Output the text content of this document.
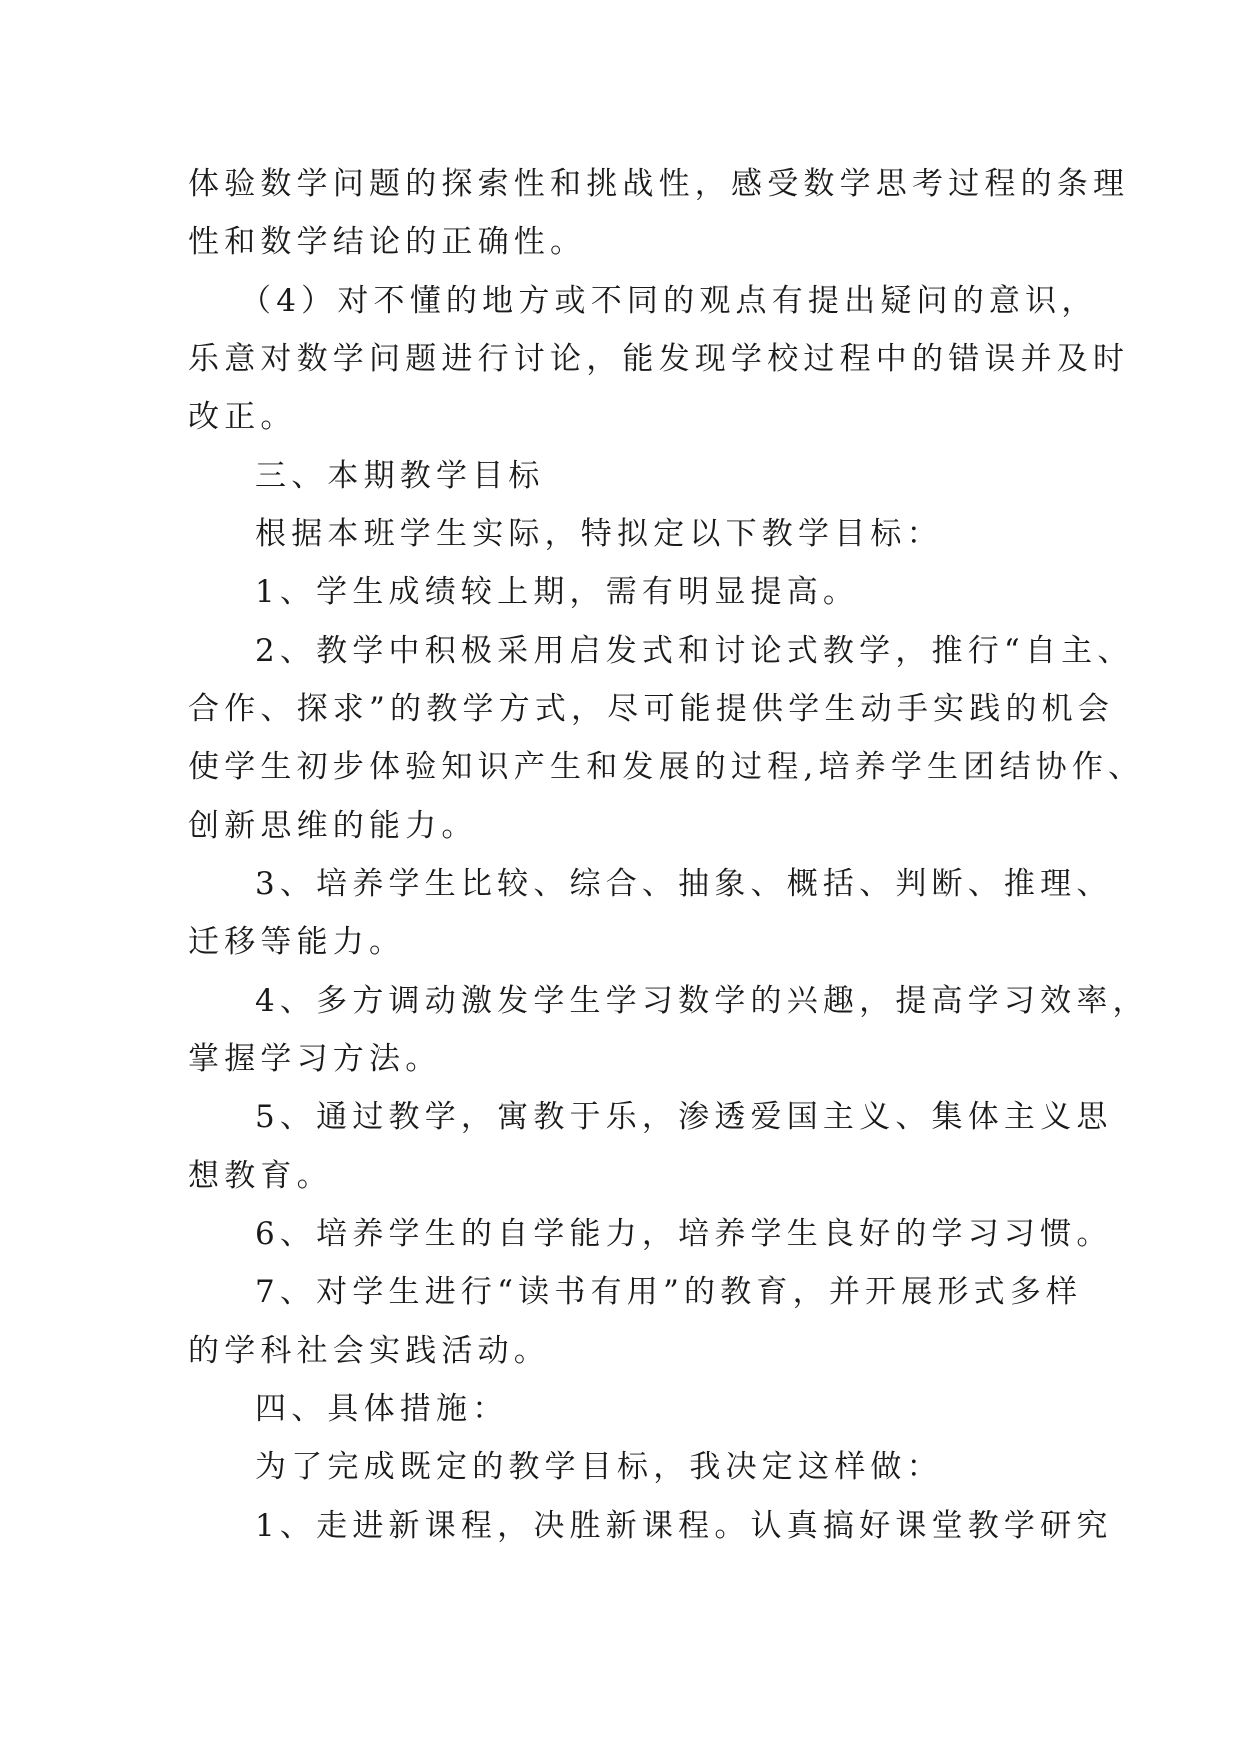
体验数学问题的探索性和挑战性，感受数学思考过程的条理

性和数学结论的正确性。

（4）对不懂的地方或不同的观点有提出疑问的意识，

乐意对数学问题进行讨论，能发现学校过程中的错误并及时

改正。

三、本期教学目标

根据本班学生实际，特拟定以下教学目标：

1、学生成绩较上期，需有明显提高。

2、教学中积极采用启发式和讨论式教学，推行“自主、

合作、探求”的教学方式，尽可能提供学生动手实践的机会

使学生初步体验知识产生和发展的过程,培养学生团结协作、

创新思维的能力。

3、培养学生比较、综合、抽象、概括、判断、推理、

迁移等能力。

4、多方调动激发学生学习数学的兴趣，提高学习效率，

掌握学习方法。

5、通过教学，寓教于乐，渗透爱国主义、集体主义思

想教育。

6、培养学生的自学能力，培养学生良好的学习习惯。

7、对学生进行“读书有用”的教育，并开展形式多样

的学科社会实践活动。

四、具体措施：

为了完成既定的教学目标，我决定这样做：

1、走进新课程，决胜新课程。认真搞好课堂教学研究
